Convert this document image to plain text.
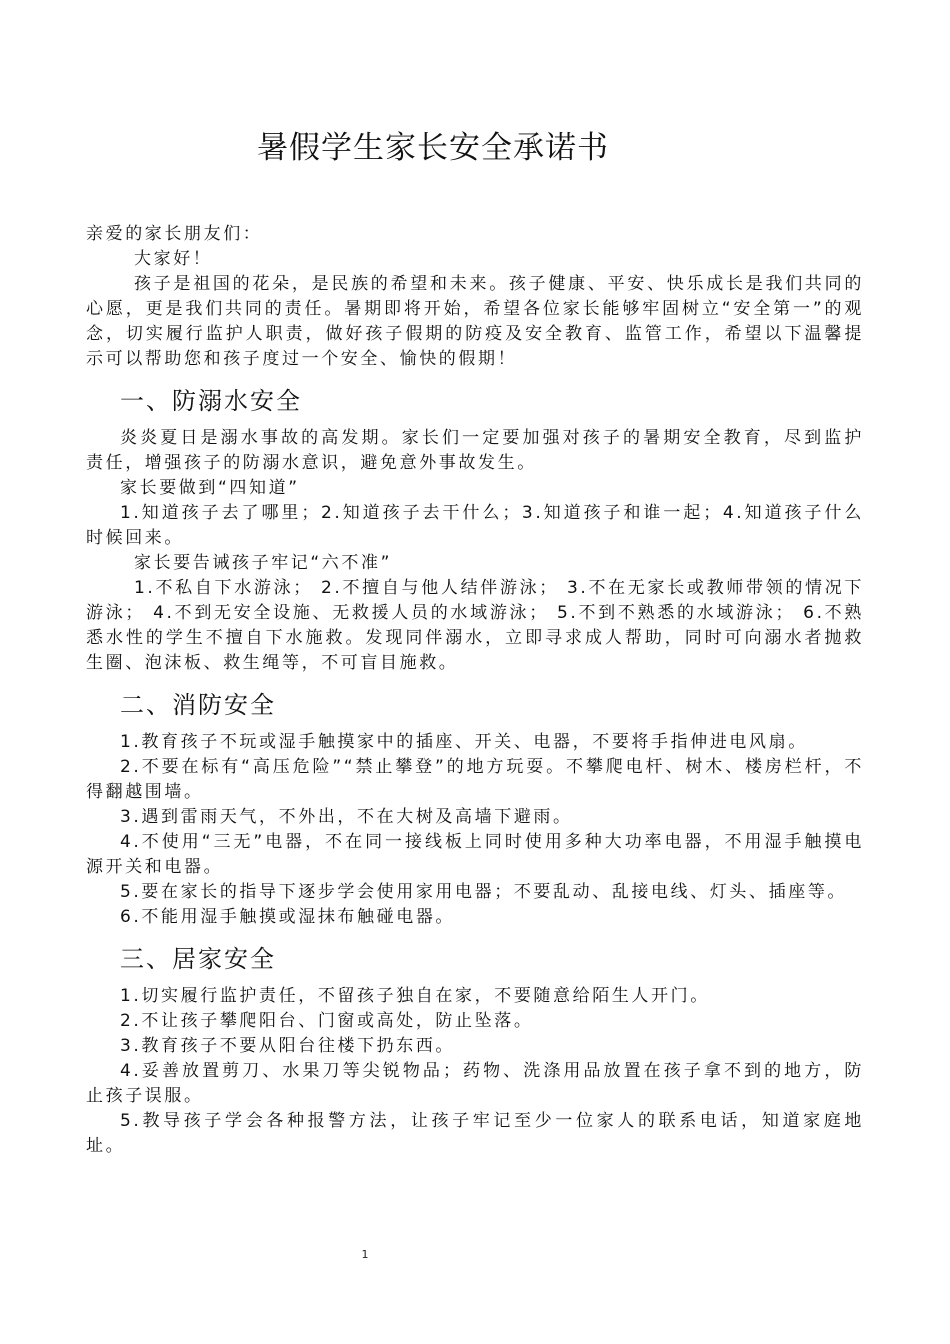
暑假学生家长安全承诺书

亲爱的家长朋友们：

大家好！

孩子是祖国的花朵，是民族的希望和未来。孩子健康、平安、快乐成长是我们共同的心愿，更是我们共同的责任。暑期即将开始，希望各位家长能够牢固树立“安全第一”的观念，切实履行监护人职责，做好孩子假期的防疫及安全教育、监管工作，希望以下温馨提示可以帮助您和孩子度过一个安全、愉快的假期！

一、防溺水安全

炎炎夏日是溺水事故的高发期。家长们一定要加强对孩子的暑期安全教育，尽到监护责任，增强孩子的防溺水意识，避免意外事故发生。

家长要做到“四知道”

1.知道孩子去了哪里；2.知道孩子去干什么；3.知道孩子和谁一起；4.知道孩子什么时候回来。

家长要告诫孩子牢记“六不准”

1.不私自下水游泳； 2.不擅自与他人结伴游泳； 3.不在无家长或教师带领的情况下游泳； 4.不到无安全设施、无救援人员的水域游泳； 5.不到不熟悉的水域游泳； 6.不熟悉水性的学生不擅自下水施救。发现同伴溺水，立即寻求成人帮助，同时可向溺水者抛救生圈、泡沫板、救生绳等，不可盲目施救。

二、消防安全

1.教育孩子不玩或湿手触摸家中的插座、开关、电器，不要将手指伸进电风扇。

2.不要在标有“高压危险”“禁止攀登”的地方玩耍。不攀爬电杆、树木、楼房栏杆，不得翻越围墙。

3.遇到雷雨天气，不外出，不在大树及高墙下避雨。

4.不使用“三无”电器，不在同一接线板上同时使用多种大功率电器，不用湿手触摸电源开关和电器。

5.要在家长的指导下逐步学会使用家用电器；不要乱动、乱接电线、灯头、插座等。

6.不能用湿手触摸或湿抹布触碰电器。

三、居家安全

1.切实履行监护责任，不留孩子独自在家，不要随意给陌生人开门。

2.不让孩子攀爬阳台、门窗或高处，防止坠落。

3.教育孩子不要从阳台往楼下扔东西。

4.妥善放置剪刀、水果刀等尖锐物品；药物、洗涤用品放置在孩子拿不到的地方，防止孩子误服。

5.教导孩子学会各种报警方法，让孩子牢记至少一位家人的联系电话，知道家庭地址。

1
